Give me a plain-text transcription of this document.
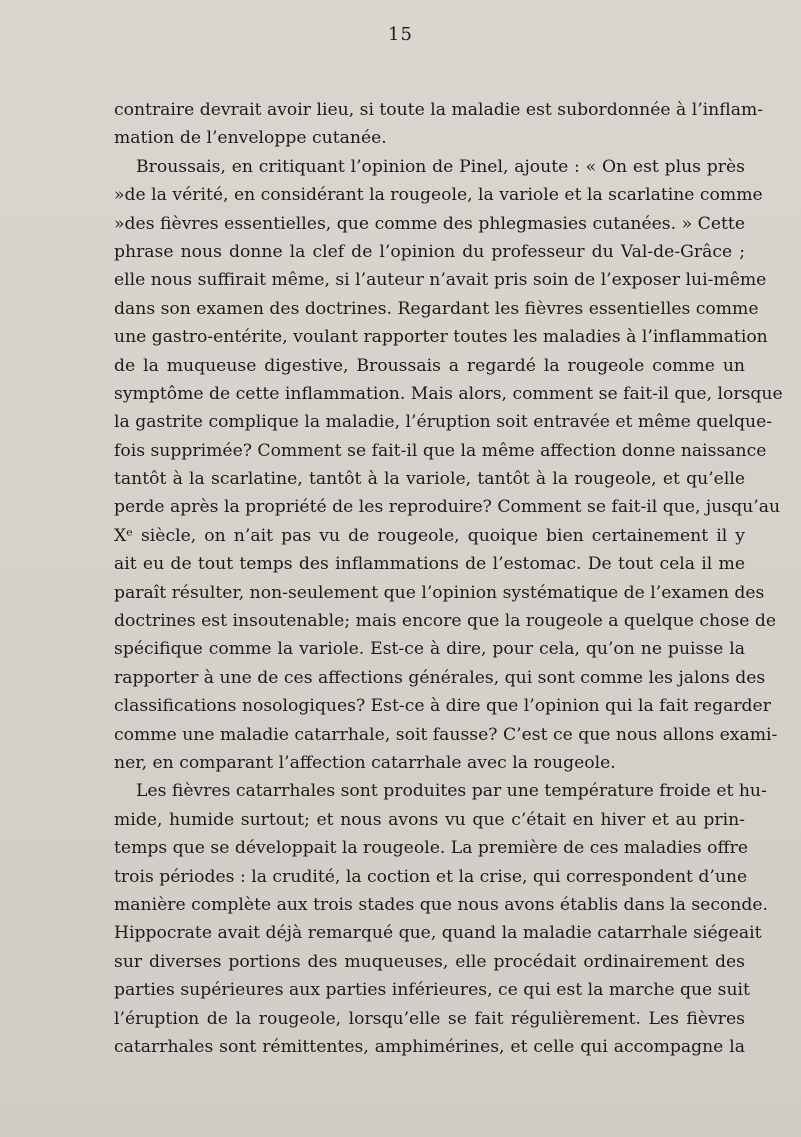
15
contraire devrait avoir lieu, si toute la maladie est subordonnée à l’inflam-
mation de l’enveloppe cutanée.
Broussais, en critiquant l’opinion de Pinel, ajoute : « On est plus près
»de la vérité, en considérant la rougeole, la variole et la scarlatine comme
»des fièvres essentielles, que comme des phlegmasies cutanées. » Cette
phrase nous donne la clef de l’opinion du professeur du Val-de-Grâce ;
elle nous suffirait même, si l’auteur n’avait pris soin de l’exposer lui-même
dans son examen des doctrines. Regardant les fièvres essentielles comme
une gastro-entérite, voulant rapporter toutes les maladies à l’inflammation
de la muqueuse digestive, Broussais a regardé la rougeole comme un
symptôme de cette inflammation. Mais alors, comment se fait-il que, lorsque
la gastrite complique la maladie, l’éruption soit entravée et même quelque-
fois supprimée? Comment se fait-il que la même affection donne naissance
tantôt à la scarlatine, tantôt à la variole, tantôt à la rougeole, et qu’elle
perde après la propriété de les reproduire? Comment se fait-il que, jusqu’au
Xᵉ siècle, on n’ait pas vu de rougeole, quoique bien certainement il y
ait eu de tout temps des inflammations de l’estomac. De tout cela il me
paraît résulter, non-seulement que l’opinion systématique de l’examen des
doctrines est insoutenable; mais encore que la rougeole a quelque chose de
spécifique comme la variole. Est-ce à dire, pour cela, qu’on ne puisse la
rapporter à une de ces affections générales, qui sont comme les jalons des
classifications nosologiques? Est-ce à dire que l’opinion qui la fait regarder
comme une maladie catarrhale, soit fausse? C’est ce que nous allons exami-
ner, en comparant l’affection catarrhale avec la rougeole.
Les fièvres catarrhales sont produites par une température froide et hu-
mide, humide surtout; et nous avons vu que c’était en hiver et au prin-
temps que se développait la rougeole. La première de ces maladies offre
trois périodes : la crudité, la coction et la crise, qui correspondent d’une
manière complète aux trois stades que nous avons établis dans la seconde.
Hippocrate avait déjà remarqué que, quand la maladie catarrhale siégeait
sur diverses portions des muqueuses, elle procédait ordinairement des
parties supérieures aux parties inférieures, ce qui est la marche que suit
l’éruption de la rougeole, lorsqu’elle se fait régulièrement. Les fièvres
catarrhales sont rémittentes, amphimérines, et celle qui accompagne la
